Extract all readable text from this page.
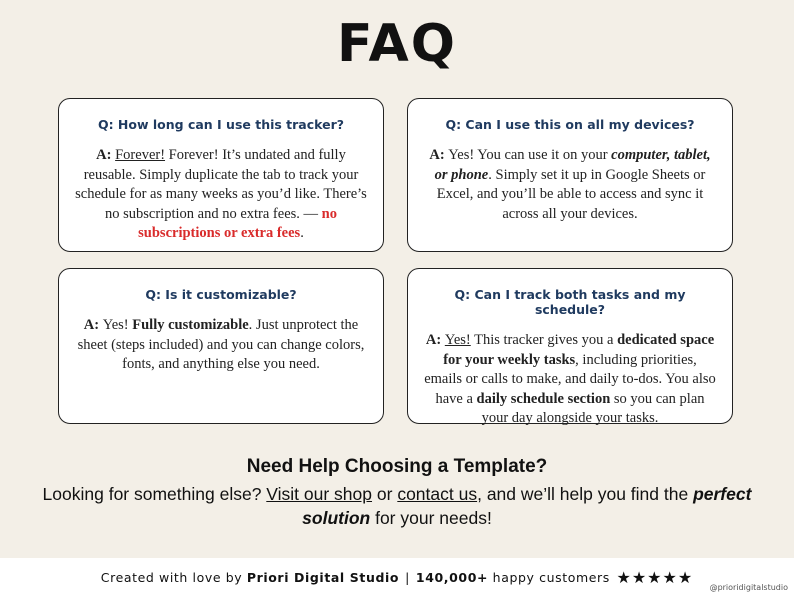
FAQ
Q: How long can I use this tracker?
A: Forever! Forever! It’s undated and fully reusable. Simply duplicate the tab to track your schedule for as many weeks as you’d like. There’s no subscription and no extra fees. — no subscriptions or extra fees.
Q: Can I use this on all my devices?
A: Yes! You can use it on your computer, tablet, or phone. Simply set it up in Google Sheets or Excel, and you’ll be able to access and sync it across all your devices.
Q: Is it customizable?
A: Yes! Fully customizable. Just unprotect the sheet (steps included) and you can change colors, fonts, and anything else you need.
Q: Can I track both tasks and my schedule?
A: Yes! This tracker gives you a dedicated space for your weekly tasks, including priorities, emails or calls to make, and daily to-dos. You also have a daily schedule section so you can plan your day alongside your tasks.
Need Help Choosing a Template?
Looking for something else? Visit our shop or contact us, and we’ll help you find the perfect solution for your needs!
Created with love by Priori Digital Studio | 140,000+ happy customers ★★★★★
@prioridigitalstudio
